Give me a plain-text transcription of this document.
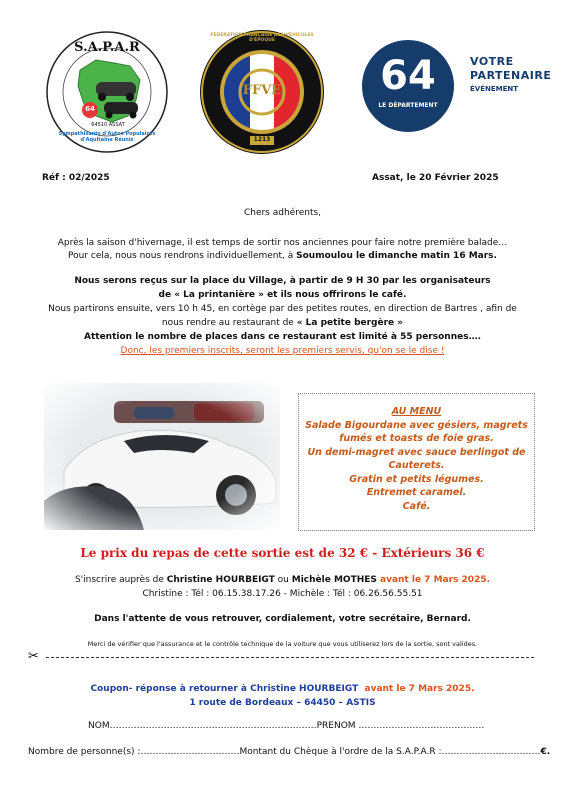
S.A.P.A.R
64
64510 ASSAT
Sympathisants d'Autos Populaires d'Aquitaine Réunis
FÉDÉRATION FRANÇAISE DES VÉHICULES D'ÉPOQUE
FFVE
1213
64
LE DÉPARTEMENT
VOTRE
PARTENAIRE
ÉVÉNEMENT
Réf : 02/2025	Assat, le 20 Février 2025
Chers adhérents,
Après la saison d'hivernage, il est temps de sortir nos anciennes pour faire notre première balade…
Pour cela, nous nous rendrons individuellement, à Soumoulou le dimanche matin 16 Mars.
Nous serons reçus sur la place du Village, à partir de 9 H 30 par les organisateurs
de « La printanière » et ils nous offrirons le café.
Nous partirons ensuite, vers 10 h 45, en cortège par des petites routes, en direction de Bartres , afin de
nous rendre au restaurant de « La petite bergère »
Attention le nombre de places dans ce restaurant est limité à 55 personnes….
Donc, les premiers inscrits, seront les premiers servis, qu'on se le dise !

AU MENU

Salade Bigourdane avec gésiers, magrets

fumés et toasts de foie gras.

Un demi-magret avec sauce berlingot de

Cauterets.

Gratin et petits légumes.

Entremet caramel.

Café.

Le prix du repas de cette sortie est de 32 € - Extérieurs 36 €
S'inscrire auprès de Christine HOURBEIGT ou Michèle MOTHES avant le 7 Mars 2025.
Christine : Tél : 06.15.38.17.26 - Michèle : Tél : 06.26.56.55.51
Dans l'attente de vous retrouver, cordialement, votre secrétaire, Bernard.
Merci de vérifier que l'assurance et le contrôle technique de la voiture que vous utiliserez lors de la sortie, sont valides.
✂
Coupon- réponse à retourner à Christine HOURBEIGT avant le 7 Mars 2025.
1 route de Bordeaux – 64450 – ASTIS
NOM……………………………………………………………PRENOM ……………………………………
Nombre de personne(s) :……………………………Montant du Chèque à l'ordre de la S.A.P.A.R :……………………………€.
